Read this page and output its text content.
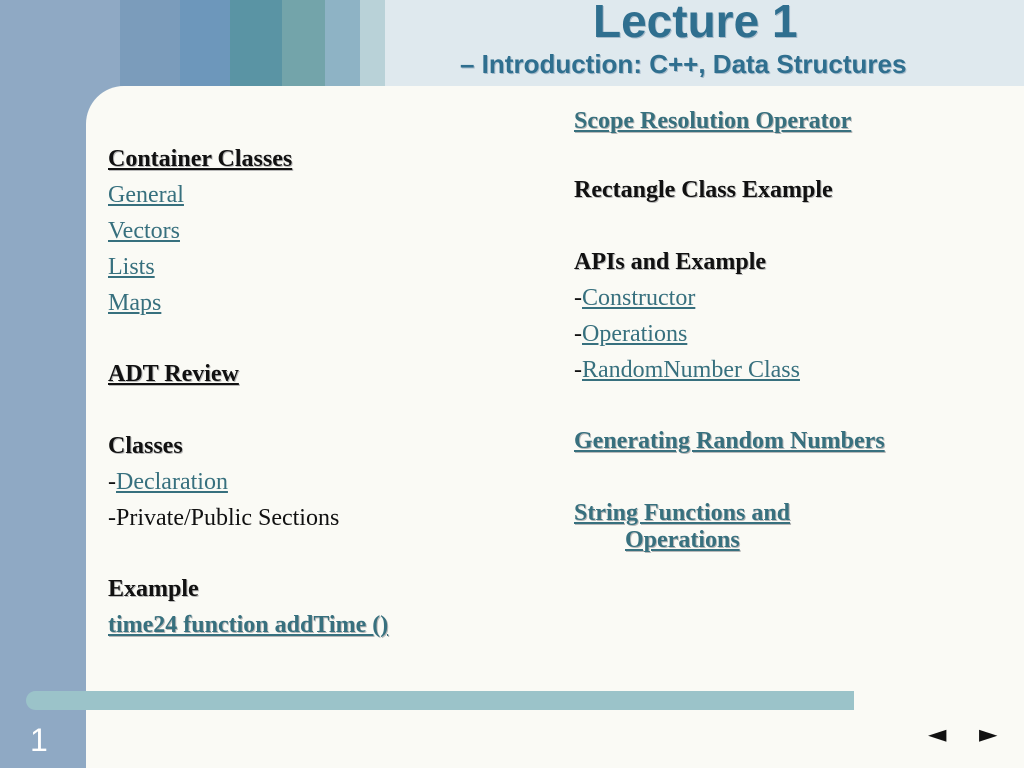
Lecture 1
– Introduction: C++, Data Structures
Container Classes
General
Vectors
Lists
Maps
ADT Review
Classes
-Declaration
-Private/Public Sections
Example
time24 function addTime ()
Scope Resolution Operator
Rectangle Class Example
APIs and Example
-Constructor
-Operations
-RandomNumber Class
Generating Random Numbers
String Functions and
Operations
1	◄ ►
